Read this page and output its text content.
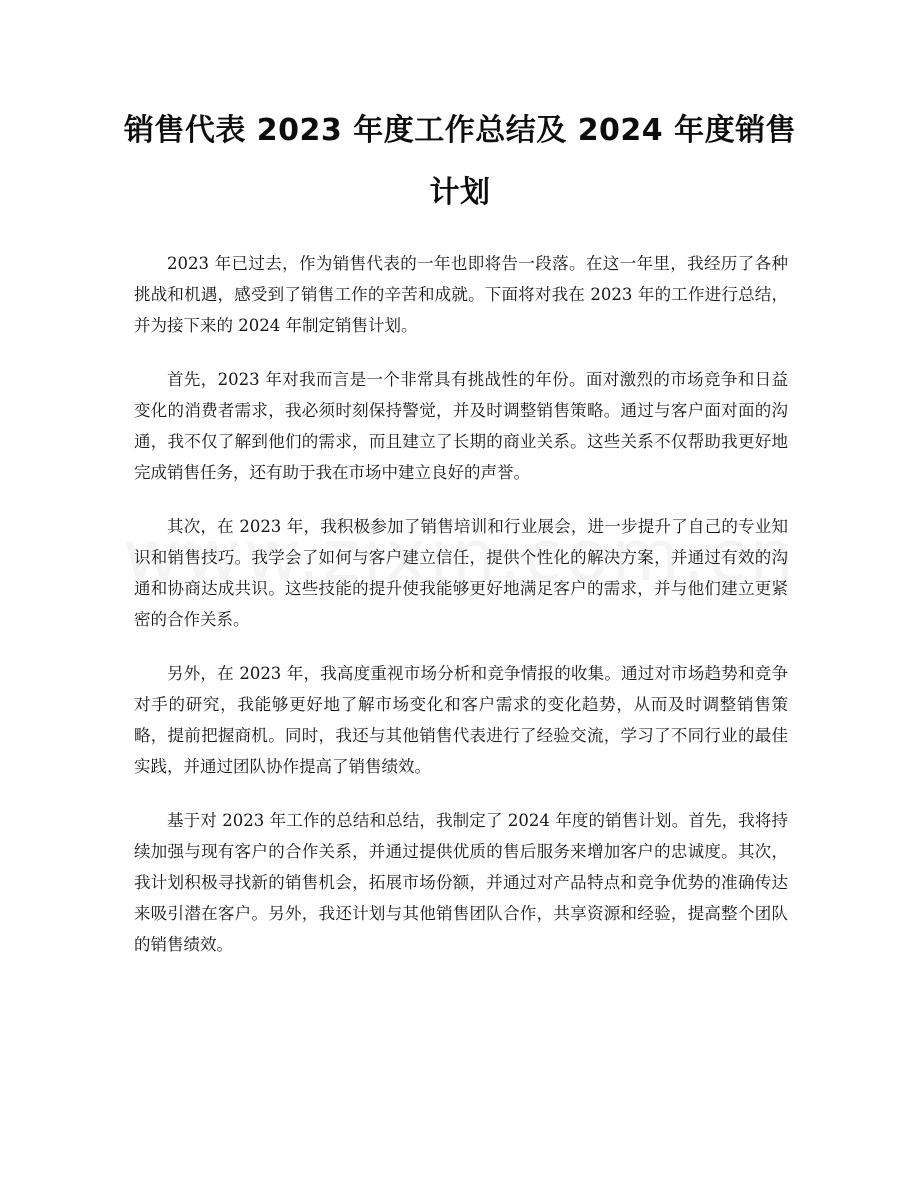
销售代表 2023 年度工作总结及 2024 年度销售计划

2023 年已过去，作为销售代表的一年也即将告一段落。在这一年里，我经历了各种挑战和机遇，感受到了销售工作的辛苦和成就。下面将对我在 2023 年的工作进行总结，并为接下来的 2024 年制定销售计划。

首先，2023 年对我而言是一个非常具有挑战性的年份。面对激烈的市场竞争和日益变化的消费者需求，我必须时刻保持警觉，并及时调整销售策略。通过与客户面对面的沟通，我不仅了解到他们的需求，而且建立了长期的商业关系。这些关系不仅帮助我更好地完成销售任务，还有助于我在市场中建立良好的声誉。

其次，在 2023 年，我积极参加了销售培训和行业展会，进一步提升了自己的专业知识和销售技巧。我学会了如何与客户建立信任，提供个性化的解决方案，并通过有效的沟通和协商达成共识。这些技能的提升使我能够更好地满足客户的需求，并与他们建立更紧密的合作关系。

另外，在 2023 年，我高度重视市场分析和竞争情报的收集。通过对市场趋势和竞争对手的研究，我能够更好地了解市场变化和客户需求的变化趋势，从而及时调整销售策略，提前把握商机。同时，我还与其他销售代表进行了经验交流，学习了不同行业的最佳实践，并通过团队协作提高了销售绩效。

基于对 2023 年工作的总结和总结，我制定了 2024 年度的销售计划。首先，我将持续加强与现有客户的合作关系，并通过提供优质的售后服务来增加客户的忠诚度。其次，我计划积极寻找新的销售机会，拓展市场份额，并通过对产品特点和竞争优势的准确传达来吸引潜在客户。另外，我还计划与其他销售团队合作，共享资源和经验，提高整个团队的销售绩效。
